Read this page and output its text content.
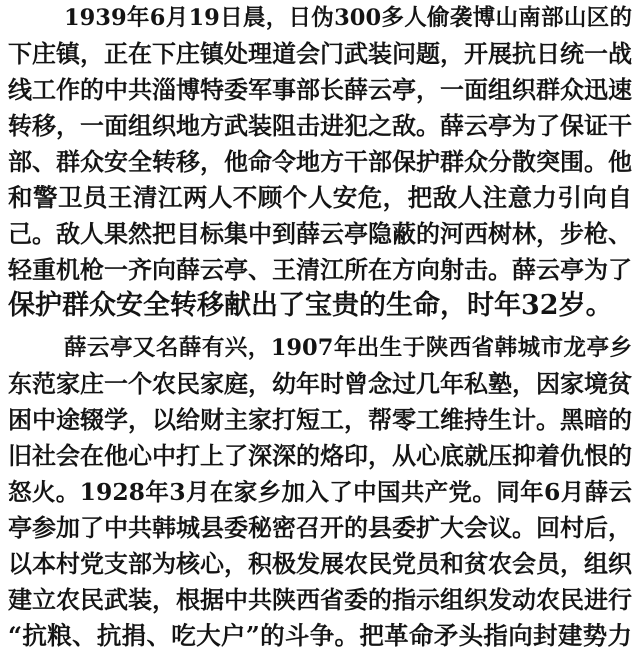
1939年6月19日晨，日伪300多人偷袭博山南部山区的
下庄镇，正在下庄镇处理道会门武装问题，开展抗日统一战
线工作的中共淄博特委军事部长薛云亭，一面组织群众迅速
转移，一面组织地方武装阻击进犯之敌。薛云亭为了保证干
部、群众安全转移，他命令地方干部保护群众分散突围。他
和警卫员王清江两人不顾个人安危，把敌人注意力引向自
己。敌人果然把目标集中到薛云亭隐蔽的河西树林，步枪、
轻重机枪一齐向薛云亭、王清江所在方向射击。薛云亭为了
保护群众安全转移献出了宝贵的生命，时年32岁。
薛云亭又名薛有兴，1907年出生于陕西省韩城市龙亭乡
东范家庄一个农民家庭，幼年时曾念过几年私塾，因家境贫
困中途辍学，以给财主家打短工，帮零工维持生计。黑暗的
旧社会在他心中打上了深深的烙印，从心底就压抑着仇恨的
怒火。1928年3月在家乡加入了中国共产党。同年6月薛云
亭参加了中共韩城县委秘密召开的县委扩大会议。回村后，
以本村党支部为核心，积极发展农民党员和贫农会员，组织
建立农民武装，根据中共陕西省委的指示组织发动农民进行
“抗粮、抗捐、吃大户”的斗争。把革命矛头指向封建势力
